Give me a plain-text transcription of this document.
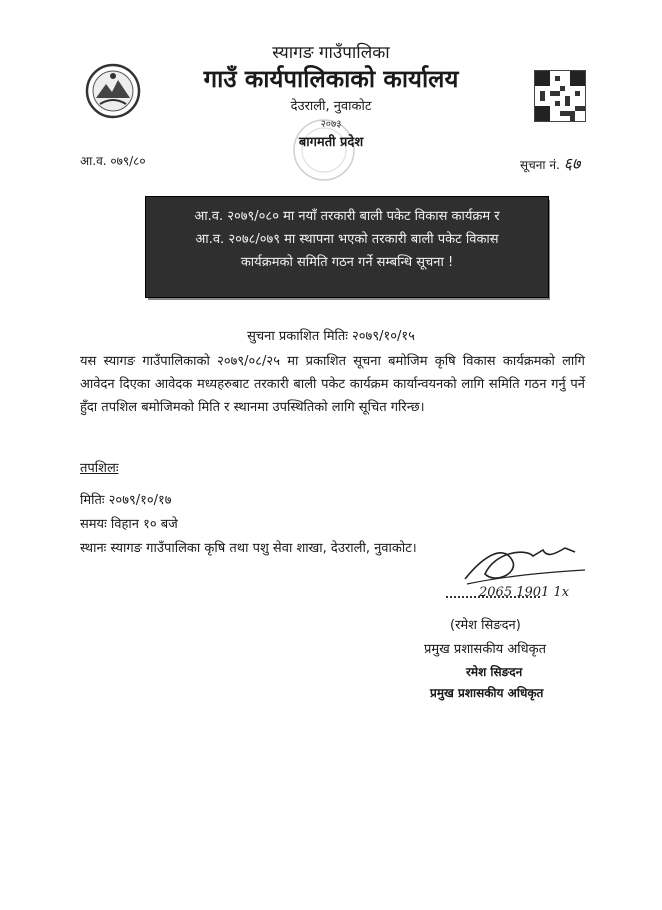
स्यागङ गाउँपालिका
गाउँ कार्यपालिकाको कार्यालय
देउराली, नुवाकोट
२०७३
बागमती प्रदेश
आ.व. ०७९/८०	सूचना नं. ६७
आ.व. २०७९/०८० मा नयाँ तरकारी बाली पकेट विकास कार्यक्रम र
आ.व. २०७८/०७९ मा स्थापना भएको तरकारी बाली पकेट विकास
कार्यक्रमको समिति गठन गर्ने सम्बन्धि सूचना !
सुचना प्रकाशित मितिः २०७९/१०/१५
यस स्यागङ गाउँपालिकाको २०७९/०८/२५ मा प्रकाशित सूचना बमोजिम कृषि विकास कार्यक्रमको लागि आवेदन दिएका आवेदक मध्यहरुबाट तरकारी बाली पकेट कार्यक्रम कार्यान्वयनको लागि समिति गठन गर्नु पर्ने हुँदा तपशिल बमोजिमको मिति र स्थानमा उपस्थितिको लागि सूचित गरिन्छ।
तपशिलः
मितिः २०७९/१०/१७
समयः विहान १० बजे
स्थानः स्यागङ गाउँपालिका कृषि तथा पशु सेवा शाखा, देउराली, नुवाकोट।
2065 1901 1x
(रमेश सिङदन)
प्रमुख प्रशासकीय अधिकृत
रमेश सिङदन
प्रमुख प्रशासकीय अधिकृत
